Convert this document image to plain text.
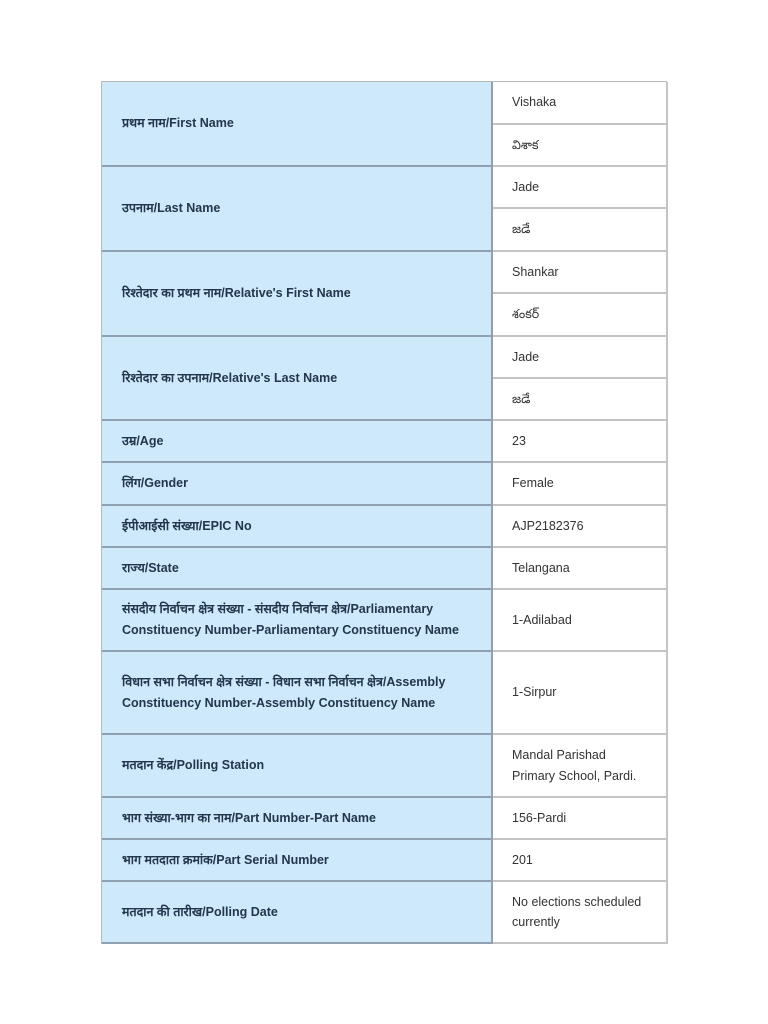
प्रथम नाम/First Name	Vishaka
	విశాక

उपनाम/Last Name	Jade
	జడే

रिश्तेदार का प्रथम नाम/Relative's First Name	Shankar
	శంకర్

रिश्तेदार का उपनाम/Relative's Last Name	Jade
	జడే

उम्र/Age	23

लिंग/Gender	Female

ईपीआईसी संख्या/EPIC No	AJP2182376

राज्य/State	Telangana

संसदीय निर्वाचन क्षेत्र संख्या - संसदीय निर्वाचन क्षेत्र/Parliamentary Constituency Number-Parliamentary Constituency Name	1-Adilabad

विधान सभा निर्वाचन क्षेत्र संख्या - विधान सभा निर्वाचन क्षेत्र/Assembly Constituency Number-Assembly Constituency Name	1-Sirpur

मतदान केंद्र/Polling Station	Mandal Parishad Primary School, Pardi.

भाग संख्या-भाग का नाम/Part Number-Part Name	156-Pardi

भाग मतदाता क्रमांक/Part Serial Number	201

मतदान की तारीख/Polling Date	No elections scheduled currently
